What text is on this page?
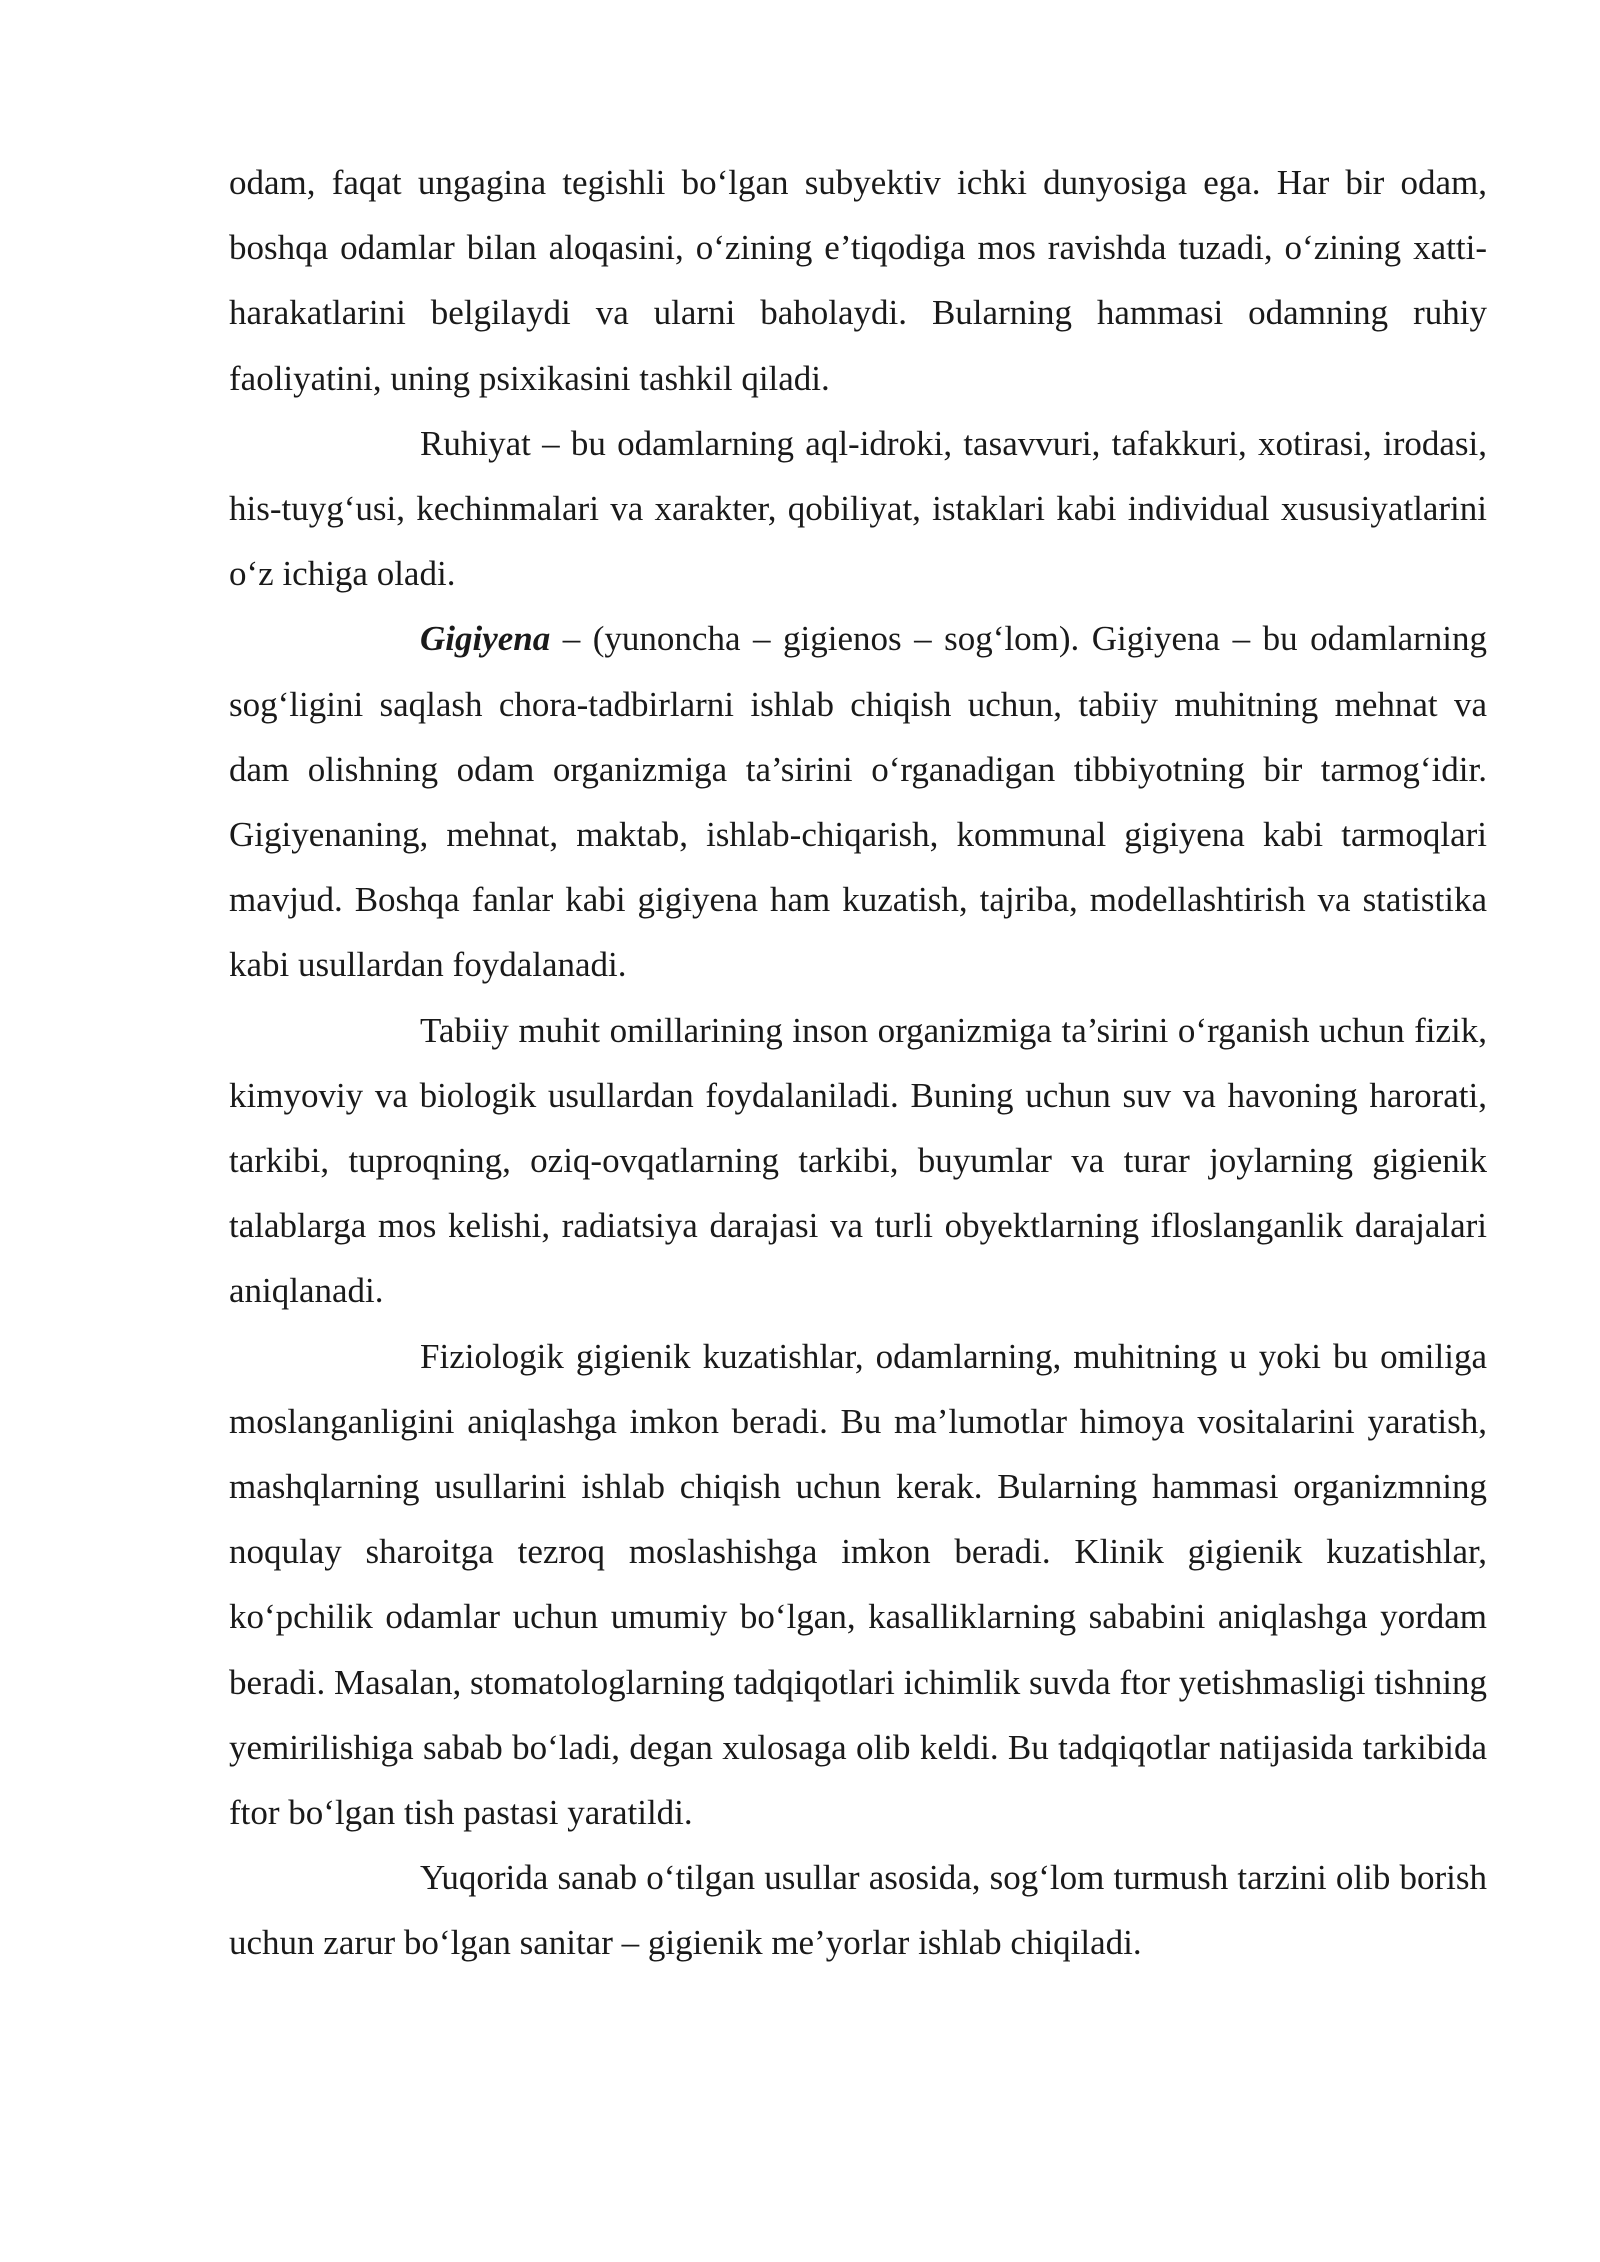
odam, faqat ungagina tegishli bo‘lgan subyektiv ichki dunyosiga ega. Har bir odam, boshqa odamlar bilan aloqasini, o‘zining e’tiqodiga mos ravishda tuzadi, o‘zining xatti-harakatlarini belgilaydi va ularni baholaydi. Bularning hammasi odamning ruhiy faoliyatini, uning psixikasini tashkil qiladi.

Ruhiyat – bu odamlarning aql-idroki, tasavvuri, tafakkuri, xotirasi, irodasi, his-tuyg‘usi, kechinmalari va xarakter, qobiliyat, istaklari kabi individual xususiyatlarini o‘z ichiga oladi.

Gigiyena – (yunoncha – gigienos – sog‘lom). Gigiyena – bu odamlarning sog‘ligini saqlash chora-tadbirlarni ishlab chiqish uchun, tabiiy muhitning mehnat va dam olishning odam organizmiga ta’sirini o‘rganadigan tibbiyotning bir tarmog‘idir. Gigiyenaning, mehnat, maktab, ishlab-chiqarish, kommunal gigiyena kabi tarmoqlari mavjud. Boshqa fanlar kabi gigiyena ham kuzatish, tajriba, modellashtirish va statistika kabi usullardan foydalanadi.

Tabiiy muhit omillarining inson organizmiga ta’sirini o‘rganish uchun fizik, kimyoviy va biologik usullardan foydalaniladi. Buning uchun suv va havoning harorati, tarkibi, tuproqning, oziq-ovqatlarning tarkibi, buyumlar va turar joylarning gigienik talablarga mos kelishi, radiatsiya darajasi va turli obyektlarning ifloslanganlik darajalari aniqlanadi.

Fiziologik gigienik kuzatishlar, odamlarning, muhitning u yoki bu omiliga moslanganligini aniqlashga imkon beradi. Bu ma’lumotlar himoya vositalarini yaratish, mashqlarning usullarini ishlab chiqish uchun kerak. Bularning hammasi organizmning noqulay sharoitga tezroq moslashishga imkon beradi. Klinik gigienik kuzatishlar, ko‘pchilik odamlar uchun umumiy bo‘lgan, kasalliklarning sababini aniqlashga yordam beradi. Masalan, stomatologlarning tadqiqotlari ichimlik suvda ftor yetishmasligi tishning yemirilishiga sabab bo‘ladi, degan xulosaga olib keldi. Bu tadqiqotlar natijasida tarkibida ftor bo‘lgan tish pastasi yaratildi.

Yuqorida sanab o‘tilgan usullar asosida, sog‘lom turmush tarzini olib borish uchun zarur bo‘lgan sanitar – gigienik me’yorlar ishlab chiqiladi.
